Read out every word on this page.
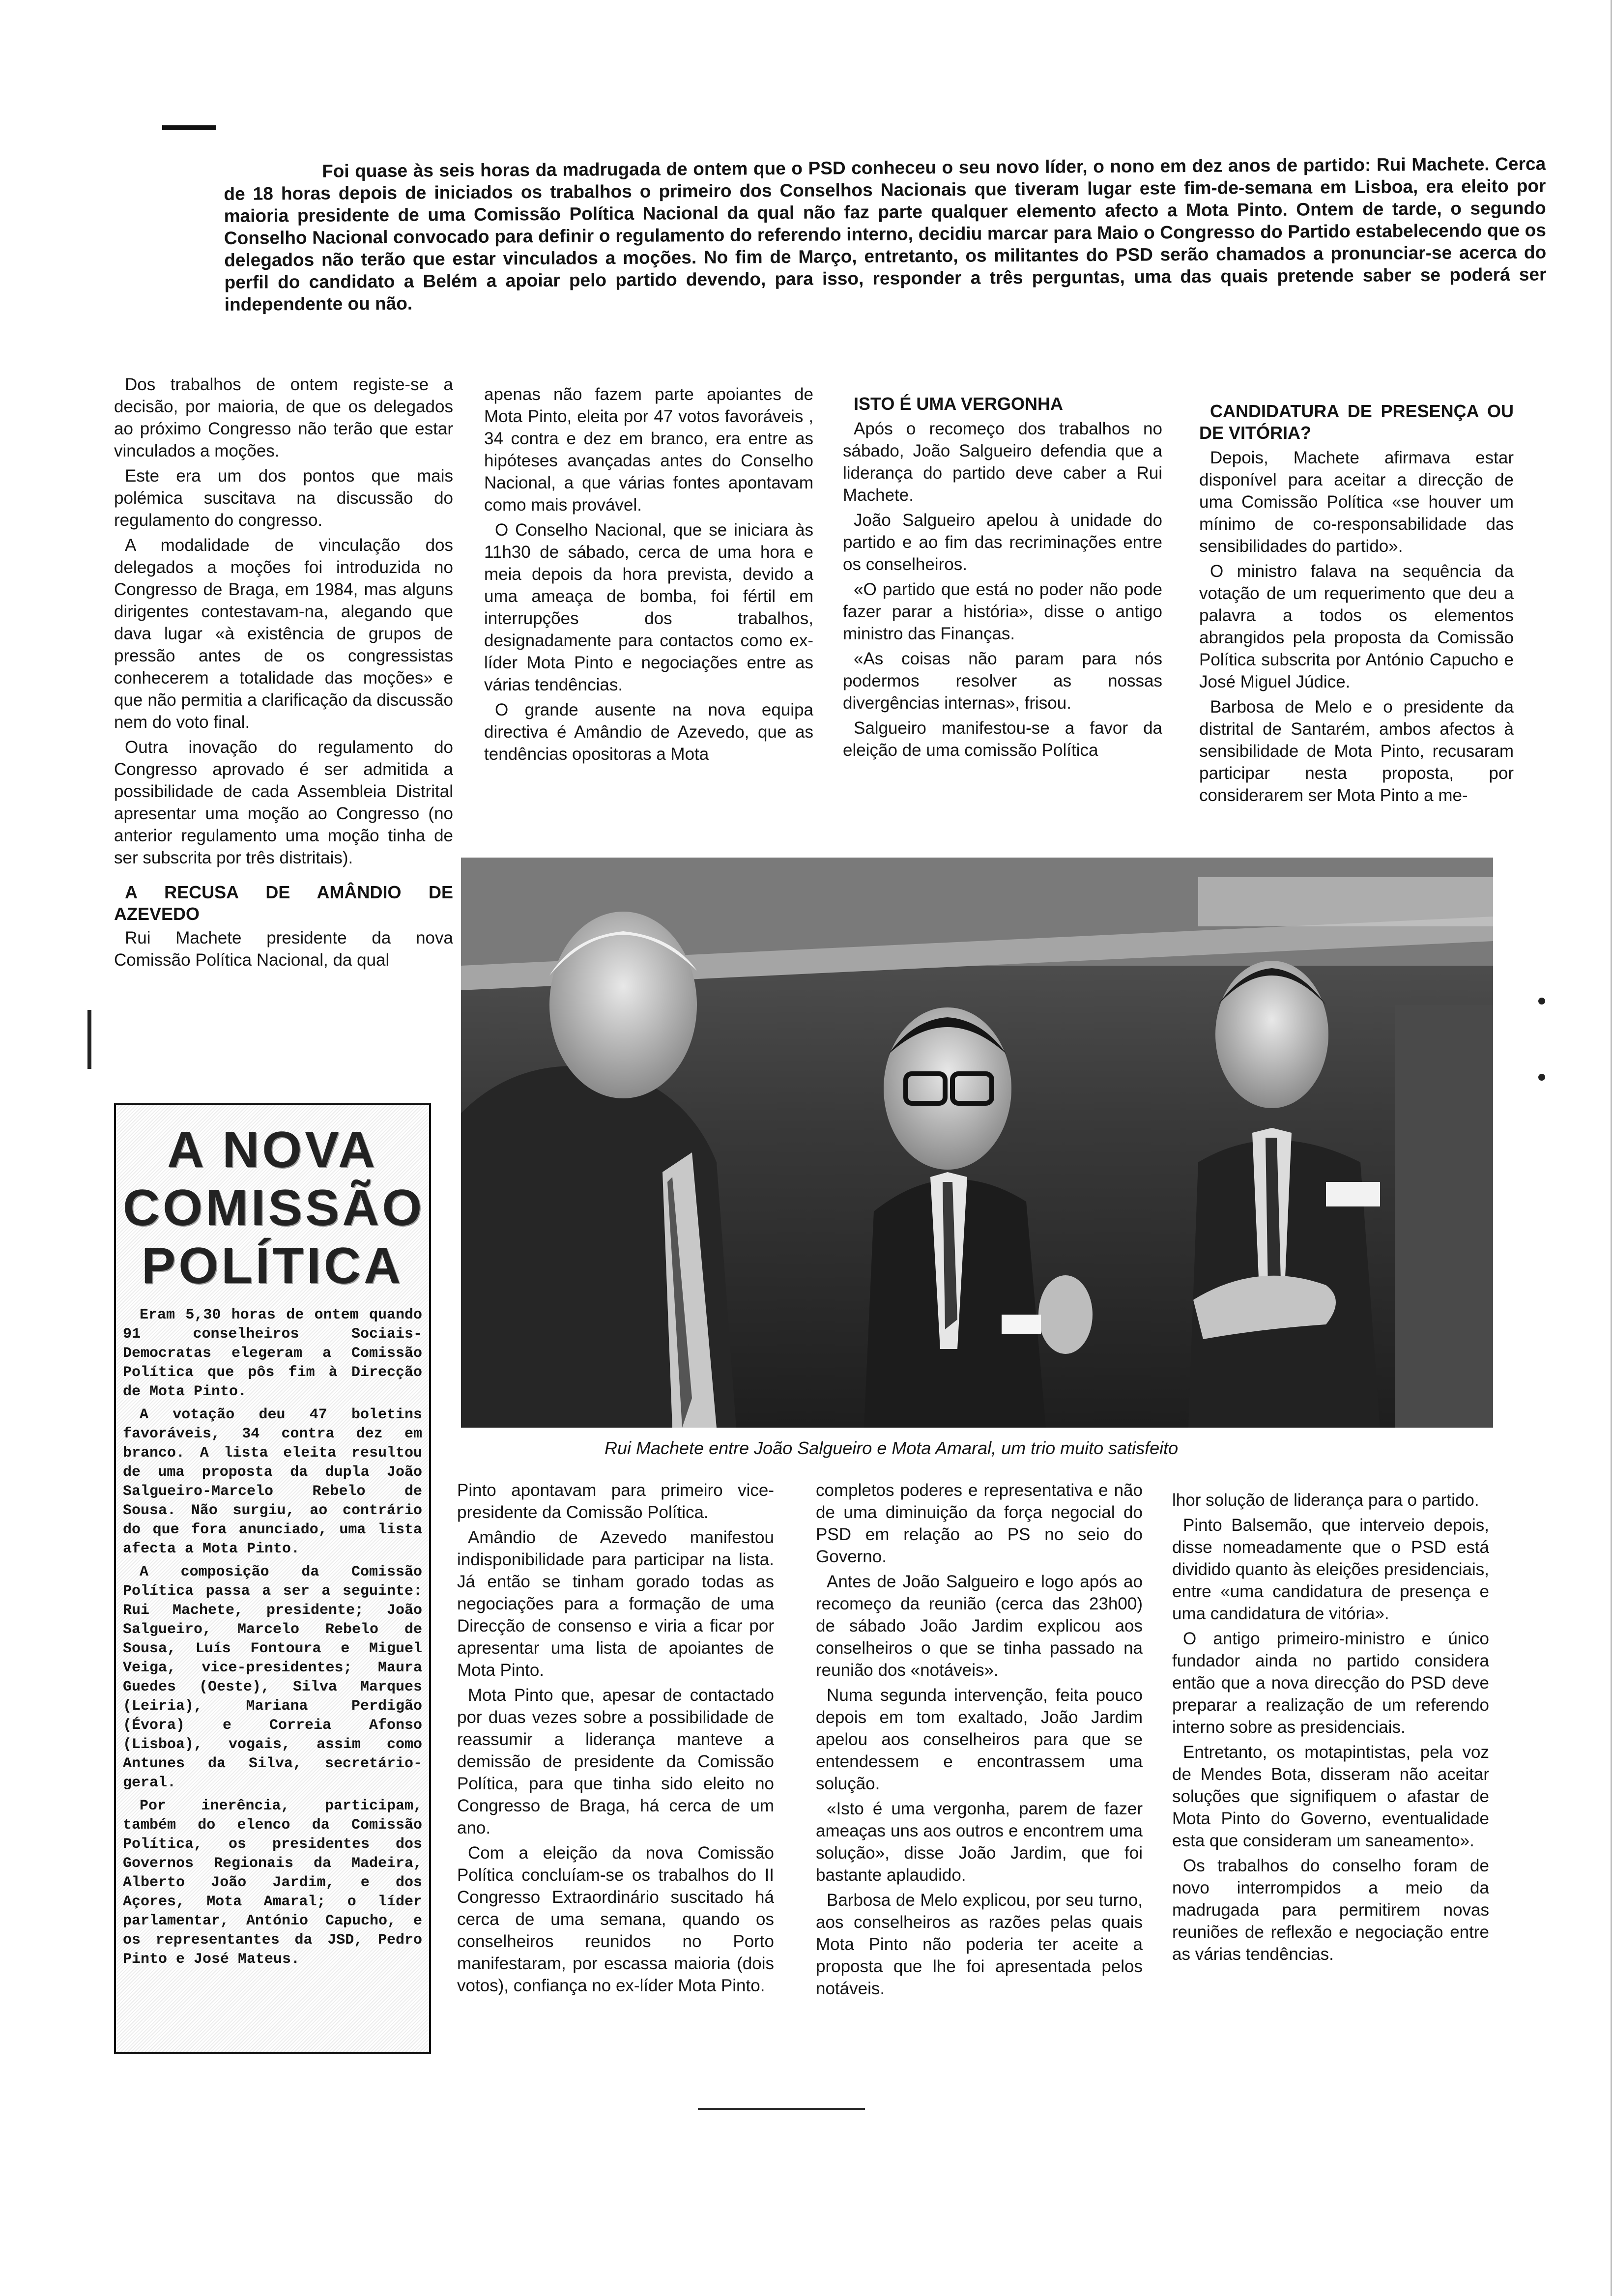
Foi quase às seis horas da madrugada de ontem que o PSD conheceu o seu novo líder, o nono em dez anos de partido: Rui Machete. Cerca de 18 horas depois de iniciados os trabalhos o primeiro dos Conselhos Nacionais que tiveram lugar este fim-de-semana em Lisboa, era eleito por maioria presidente de uma Comissão Política Nacional da qual não faz parte qualquer elemento afecto a Mota Pinto. Ontem de tarde, o segundo Conselho Nacional convocado para definir o regulamento do referendo interno, decidiu marcar para Maio o Congresso do Partido estabelecendo que os delegados não terão que estar vinculados a moções. No fim de Março, entretanto, os militantes do PSD serão chamados a pronunciar-se acerca do perfil do candidato a Belém a apoiar pelo partido devendo, para isso, responder a três perguntas, uma das quais pretende saber se poderá ser independente ou não.

Dos trabalhos de ontem registe-se a decisão, por maioria, de que os delegados ao próximo Congresso não terão que estar vinculados a moções.

Este era um dos pontos que mais polémica suscitava na discussão do regulamento do congresso.

A modalidade de vinculação dos delegados a moções foi introduzida no Congresso de Braga, em 1984, mas alguns dirigentes contestavam-na, alegando que dava lugar «à existência de grupos de pressão antes de os congressistas conhecerem a totalidade das moções» e que não permitia a clarificação da discussão nem do voto final.

Outra inovação do regulamento do Congresso aprovado é ser admitida a possibilidade de cada Assembleia Distrital apresentar uma moção ao Congresso (no anterior regulamento uma moção tinha de ser subscrita por três distritais).

A RECUSA DE AMÂNDIO DE AZEVEDO

Rui Machete presidente da nova Comissão Política Nacional, da qual

apenas não fazem parte apoiantes de Mota Pinto, eleita por 47 votos favoráveis , 34 contra e dez em branco, era entre as hipóteses avançadas antes do Conselho Nacional, a que várias fontes apontavam como mais provável.

O Conselho Nacional, que se iniciara às 11h30 de sábado, cerca de uma hora e meia depois da hora prevista, devido a uma ameaça de bomba, foi fértil em interrupções dos trabalhos, designadamente para contactos como ex-líder Mota Pinto e negociações entre as várias tendências.

O grande ausente na nova equipa directiva é Amândio de Azevedo, que as tendências opositoras a Mota

ISTO É UMA VERGONHA

Após o recomeço dos trabalhos no sábado, João Salgueiro defendia que a liderança do partido deve caber a Rui Machete.

João Salgueiro apelou à unidade do partido e ao fim das recriminações entre os conselheiros.

«O partido que está no poder não pode fazer parar a história», disse o antigo ministro das Finanças.

«As coisas não param para nós podermos resolver as nossas divergências internas», frisou.

Salgueiro manifestou-se a favor da eleição de uma comissão Política

CANDIDATURA DE PRESENÇA OU DE VITÓRIA?

Depois, Machete afirmava estar disponível para aceitar a direcção de uma Comissão Política «se houver um mínimo de co-responsabilidade das sensibilidades do partido».

O ministro falava na sequência da votação de um requerimento que deu a palavra a todos os elementos abrangidos pela proposta da Comissão Política subscrita por António Capucho e José Miguel Júdice.

Barbosa de Melo e o presidente da distrital de Santarém, ambos afectos à sensibilidade de Mota Pinto, recusaram participar nesta proposta, por considerarem ser Mota Pinto a me-

Rui Machete entre João Salgueiro e Mota Amaral, um trio muito satisfeito
A NOVA COMISSÃO POLÍTICA

Eram 5,30 horas de ontem quando 91 conselheiros Sociais-Democratas elegeram a Comissão Política que pôs fim à Direcção de Mota Pinto.

A votação deu 47 boletins favoráveis, 34 contra dez em branco. A lista eleita resultou de uma proposta da dupla João Salgueiro-Marcelo Rebelo de Sousa. Não surgiu, ao contrário do que fora anunciado, uma lista afecta a Mota Pinto.

A composição da Comissão Política passa a ser a seguinte: Rui Machete, presidente; João Salgueiro, Marcelo Rebelo de Sousa, Luís Fontoura e Miguel Veiga, vice-presidentes; Maura Guedes (Oeste), Silva Marques (Leiria), Mariana Perdigão (Évora) e Correia Afonso (Lisboa), vogais, assim como Antunes da Silva, secretário-geral.

Por inerência, participam, também do elenco da Comissão Política, os presidentes dos Governos Regionais da Madeira, Alberto João Jardim, e dos Açores, Mota Amaral; o líder parlamentar, António Capucho, e os representantes da JSD, Pedro Pinto e José Mateus.

Pinto apontavam para primeiro vice-presidente da Comissão Política.

Amândio de Azevedo manifestou indisponibilidade para participar na lista. Já então se tinham gorado todas as negociações para a formação de uma Direcção de consenso e viria a ficar por apresentar uma lista de apoiantes de Mota Pinto.

Mota Pinto que, apesar de contactado por duas vezes sobre a possibilidade de reassumir a liderança manteve a demissão de presidente da Comissão Política, para que tinha sido eleito no Congresso de Braga, há cerca de um ano.

Com a eleição da nova Comissão Política concluíam-se os trabalhos do II Congresso Extraordinário suscitado há cerca de uma semana, quando os conselheiros reunidos no Porto manifestaram, por escassa maioria (dois votos), confiança no ex-líder Mota Pinto.

completos poderes e representativa e não de uma diminuição da força negocial do PSD em relação ao PS no seio do Governo.

Antes de João Salgueiro e logo após ao recomeço da reunião (cerca das 23h00) de sábado João Jardim explicou aos conselheiros o que se tinha passado na reunião dos «notáveis».

Numa segunda intervenção, feita pouco depois em tom exaltado, João Jardim apelou aos conselheiros para que se entendessem e encontrassem uma solução.

«Isto é uma vergonha, parem de fazer ameaças uns aos outros e encontrem uma solução», disse João Jardim, que foi bastante aplaudido.

Barbosa de Melo explicou, por seu turno, aos conselheiros as razões pelas quais Mota Pinto não poderia ter aceite a proposta que lhe foi apresentada pelos notáveis.

lhor solução de liderança para o partido.

Pinto Balsemão, que interveio depois, disse nomeadamente que o PSD está dividido quanto às eleições presidenciais, entre «uma candidatura de presença e uma candidatura de vitória».

O antigo primeiro-ministro e único fundador ainda no partido considera então que a nova direcção do PSD deve preparar a realização de um referendo interno sobre as presidenciais.

Entretanto, os motapintistas, pela voz de Mendes Bota, disseram não aceitar soluções que signifiquem o afastar de Mota Pinto do Governo, eventualidade esta que consideram um saneamento».

Os trabalhos do conselho foram de novo interrompidos a meio da madrugada para permitirem novas reuniões de reflexão e negociação entre as várias tendências.
